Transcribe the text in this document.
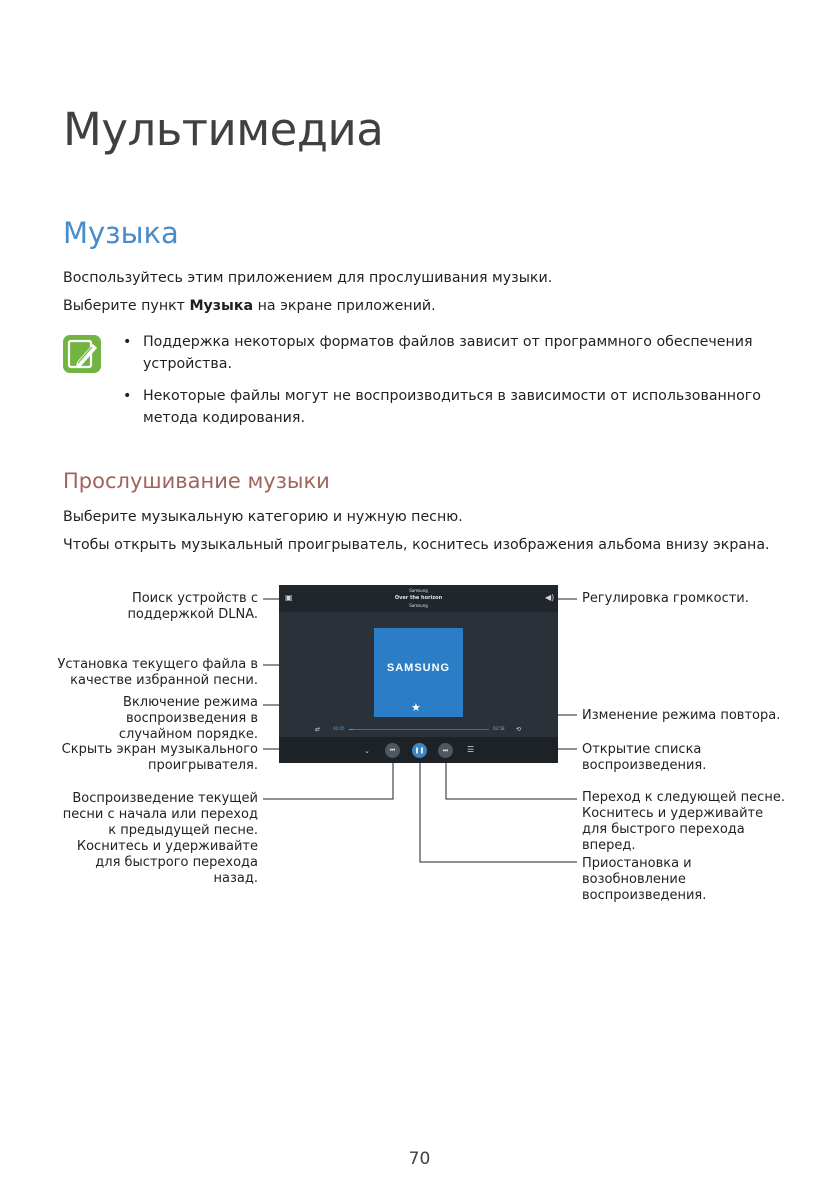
Мультимедиа
Музыка
Воспользуйтесь этим приложением для прослушивания музыки.
Выберите пункт Музыка на экране приложений.
• Поддержка некоторых форматов файлов зависит от программного обеспечения устройства.
• Некоторые файлы могут не воспроизводиться в зависимости от использованного метода кодирования.
Прослушивание музыки
Выберите музыкальную категорию и нужную песню.
Чтобы открыть музыкальный проигрыватель, коснитесь изображения альбома внизу экрана.
▣
Samsung
Over the horizon
Samsung
◀)
SAMSUNG
★
⇄	00:05	03:58 ⟲
⌄	⏮	❚❚	⏭	☰
Поиск устройств с
поддержкой DLNA.
Установка текущего файла в
качестве избранной песни.
Включение режима
воспроизведения в
случайном порядке.
Скрыть экран музыкального
проигрывателя.
Воспроизведение текущей
песни с начала или переход
к предыдущей песне.
Коснитесь и удерживайте
для быстрого перехода
назад.
Регулировка громкости.
Изменение режима повтора.
Открытие списка
воспроизведения.
Переход к следующей песне.
Коснитесь и удерживайте
для быстрого перехода
вперед.
Приостановка и
возобновление
воспроизведения.
70
